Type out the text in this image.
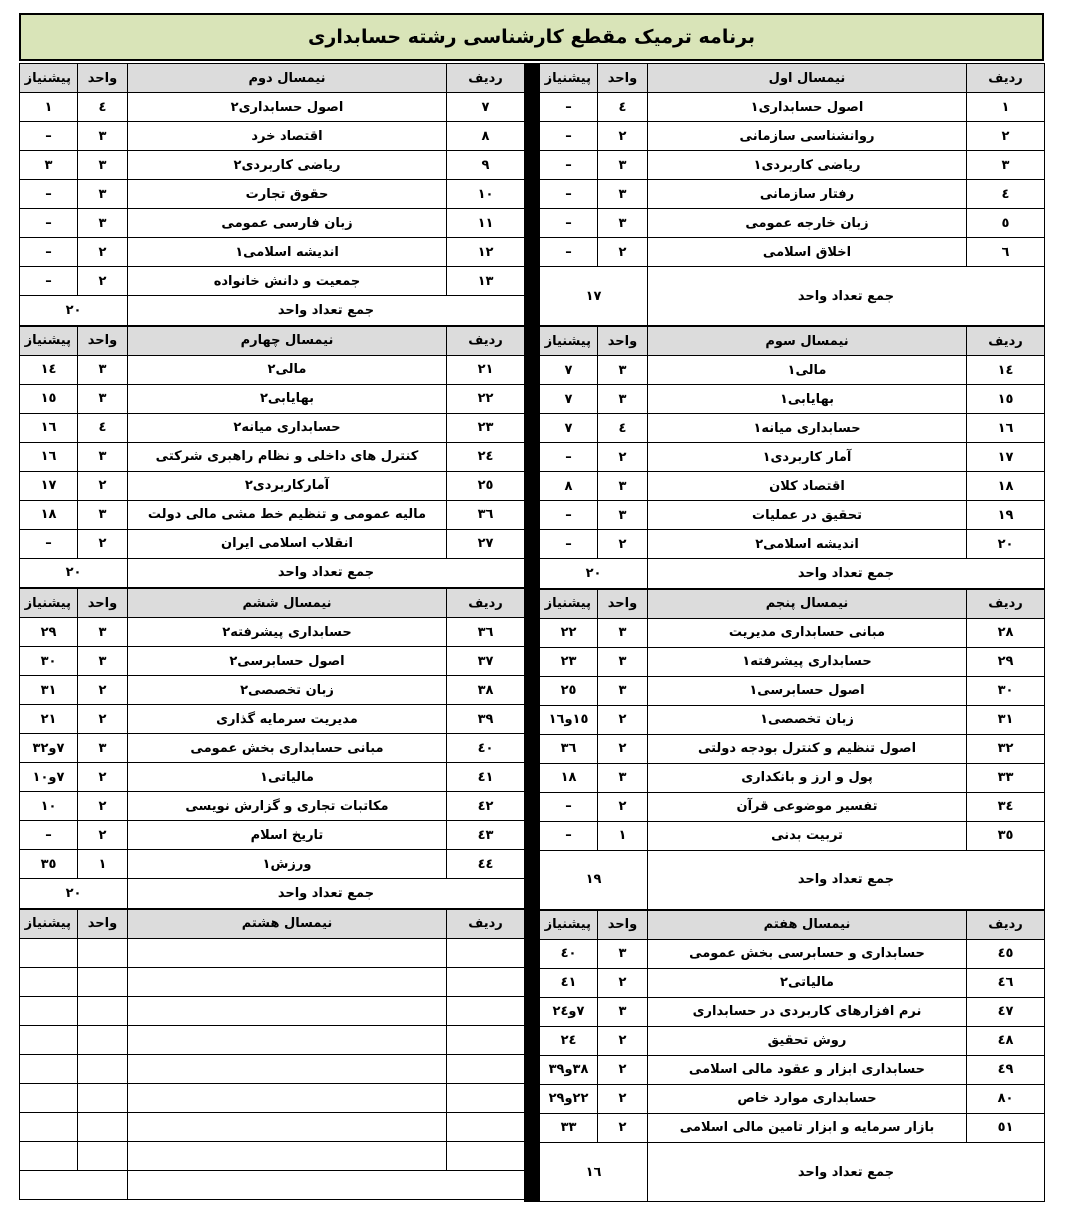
برنامه ترمیک مقطع کارشناسی رشته حسابداری
ردیف	نیمسال اول	واحد	پیشنیاز
۱	اصول حسابداری۱	٤	–
۲	روانشناسی سازمانی	۲	–
۳	ریاضی کاربردی۱	۳	–
٤	رفتار سازمانی	۳	–
٥	زبان خارجه عمومی	۳	–
٦	اخلاق اسلامی	۲	–
جمع تعداد واحد		۱۷	
ردیف	نیمسال سوم	واحد	پیشنیاز
۱٤	مالی۱	۳	۷
۱٥	بهایابی۱	۳	۷
۱٦	حسابداری میانه۱	٤	۷
۱۷	آمار کاربردی۱	۲	–
۱۸	اقتصاد کلان	۳	۸
۱۹	تحقیق در عملیات	۳	–
۲۰	اندیشه اسلامی۲	۲	–
جمع تعداد واحد		۲۰	
ردیف	نیمسال پنجم	واحد	پیشنیاز
۲۸	مبانی حسابداری مدیریت	۳	۲۲
۲۹	حسابداری پیشرفته۱	۳	۲۳
۳۰	اصول حسابرسی۱	۳	۲٥
۳۱	زبان تخصصی۱	۲	۱٥و۱٦
۳۲	اصول تنظیم و کنترل بودجه دولتی	۲	۳٦
۳۳	پول و ارز و بانکداری	۳	۱۸
۳٤	تفسیر موضوعی قرآن	۲	–
۳٥	تربیت بدنی	۱	–
جمع تعداد واحد		۱۹	
ردیف	نیمسال هفتم	واحد	پیشنیاز
٤٥	حسابداری و حسابرسی بخش عمومی	۳	٤۰
٤٦	مالیاتی۲	۲	٤۱
٤۷	نرم افزارهای کاربردی در حسابداری	۳	۷و۲٤
٤۸	روش تحقیق	۲	۲٤
٤۹	حسابداری ابزار و عقود مالی اسلامی	۲	۳۸و۳۹
۸۰	حسابداری موارد خاص	۲	۲۲و۲۹
٥۱	بازار سرمایه و ابزار تامین مالی اسلامی	۲	۳۳
جمع تعداد واحد		۱٦	
ردیف	نیمسال دوم	واحد	پیشنیاز
۷	اصول حسابداری۲	٤	۱
۸	اقتصاد خرد	۳	–
۹	ریاضی کاربردی۲	۳	۳
۱۰	حقوق تجارت	۳	–
۱۱	زبان فارسی عمومی	۳	–
۱۲	اندیشه اسلامی۱	۲	–
۱۳	جمعیت و دانش خانواده	۲	–
جمع تعداد واحد		۲۰	
ردیف	نیمسال چهارم	واحد	پیشنیاز
۲۱	مالی۲	۳	۱٤
۲۲	بهایابی۲	۳	۱٥
۲۳	حسابداری میانه۲	٤	۱٦
۲٤	کنترل های داخلی و نظام راهبری شرکتی	۳	۱٦
۲٥	آمارکاربردی۲	۲	۱۷
۳٦	مالیه عمومی و تنظیم خط مشی مالی دولت	۳	۱۸
۲۷	انقلاب اسلامی ایران	۲	–
جمع تعداد واحد		۲۰	
ردیف	نیمسال ششم	واحد	پیشنیاز
۳٦	حسابداری پیشرفته۲	۳	۲۹
۳۷	اصول حسابرسی۲	۳	۳۰
۳۸	زبان تخصصی۲	۲	۳۱
۳۹	مدیریت سرمایه گذاری	۲	۲۱
٤۰	مبانی حسابداری بخش عمومی	۳	۷و۳۲
٤۱	مالیاتی۱	۲	۷و۱۰
٤۲	مکاتبات تجاری و گزارش نویسی	۲	۱۰
٤۳	تاریخ اسلام	۲	–
٤٤	ورزش۱	۱	۳٥
جمع تعداد واحد		۲۰	
ردیف	نیمسال هشتم	واحد	پیشنیاز
